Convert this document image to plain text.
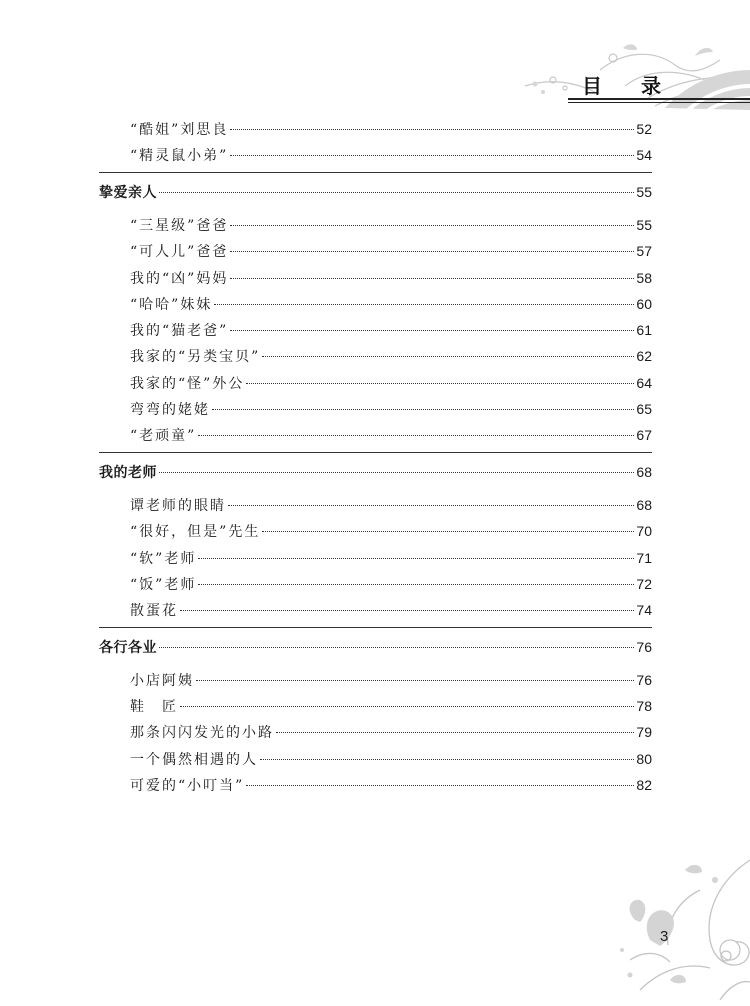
目 录
“酷姐”刘思良	52
“精灵鼠小弟”	54
挚爱亲人	55
“三星级”爸爸	55
“可人儿”爸爸	57
我的“凶”妈妈	58
“哈哈”妹妹	60
我的“猫老爸”	61
我家的“另类宝贝”	62
我家的“怪”外公	64
弯弯的姥姥	65
“老顽童”	67
我的老师	68
谭老师的眼睛	68
“很好，但是”先生	70
“软”老师	71
“饭”老师	72
散蛋花	74
各行各业	76
小店阿姨	76
鞋　匠	78
那条闪闪发光的小路	79
一个偶然相遇的人	80
可爱的“小叮当”	82
3
